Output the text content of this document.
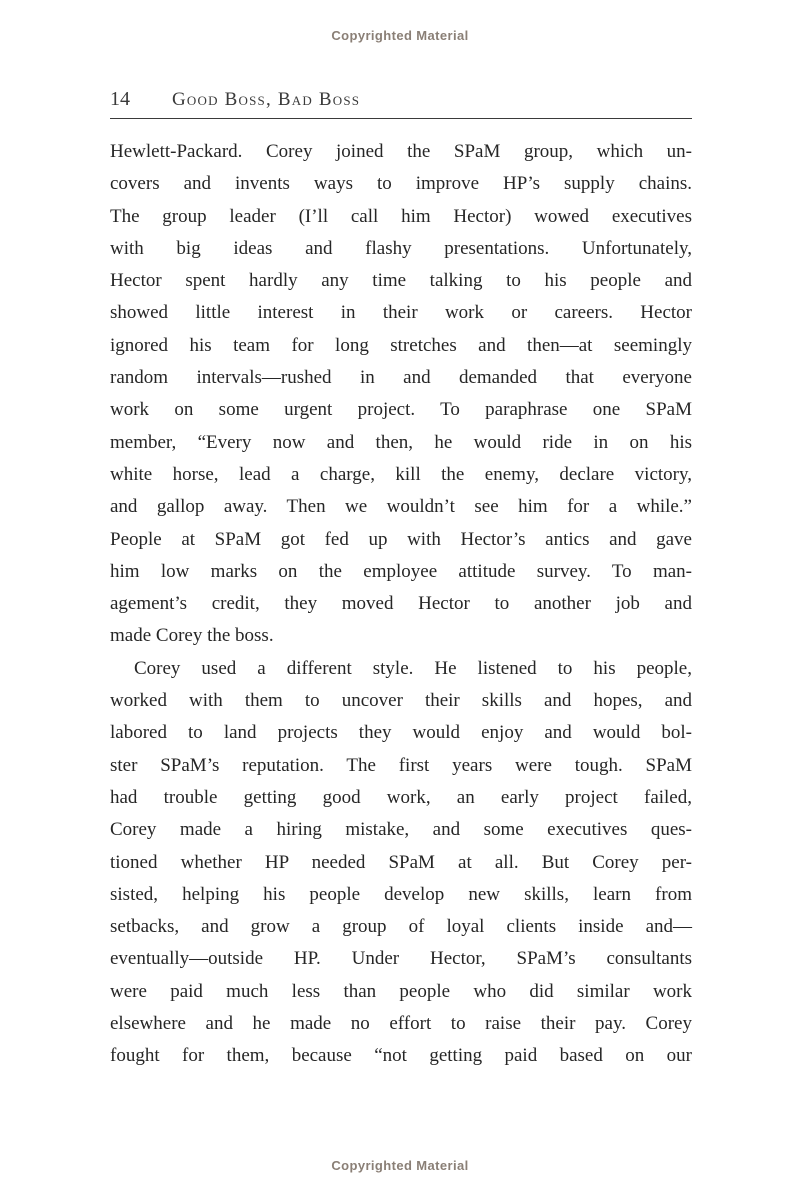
Copyrighted Material
14 Good Boss, Bad Boss
Hewlett-Packard. Corey joined the SPaM group, which un-
covers and invents ways to improve HP’s supply chains.
The group leader (I’ll call him Hector) wowed executives
with big ideas and flashy presentations. Unfortunately,
Hector spent hardly any time talking to his people and
showed little interest in their work or careers. Hector
ignored his team for long stretches and then—at seemingly
random intervals—rushed in and demanded that everyone
work on some urgent project. To paraphrase one SPaM
member, “Every now and then, he would ride in on his
white horse, lead a charge, kill the enemy, declare victory,
and gallop away. Then we wouldn’t see him for a while.”
People at SPaM got fed up with Hector’s antics and gave
him low marks on the employee attitude survey. To man-
agement’s credit, they moved Hector to another job and
made Corey the boss.
Corey used a different style. He listened to his people,
worked with them to uncover their skills and hopes, and
labored to land projects they would enjoy and would bol-
ster SPaM’s reputation. The first years were tough. SPaM
had trouble getting good work, an early project failed,
Corey made a hiring mistake, and some executives ques-
tioned whether HP needed SPaM at all. But Corey per-
sisted, helping his people develop new skills, learn from
setbacks, and grow a group of loyal clients inside and—
eventually—outside HP. Under Hector, SPaM’s consultants
were paid much less than people who did similar work
elsewhere and he made no effort to raise their pay. Corey
fought for them, because “not getting paid based on our
Copyrighted Material
